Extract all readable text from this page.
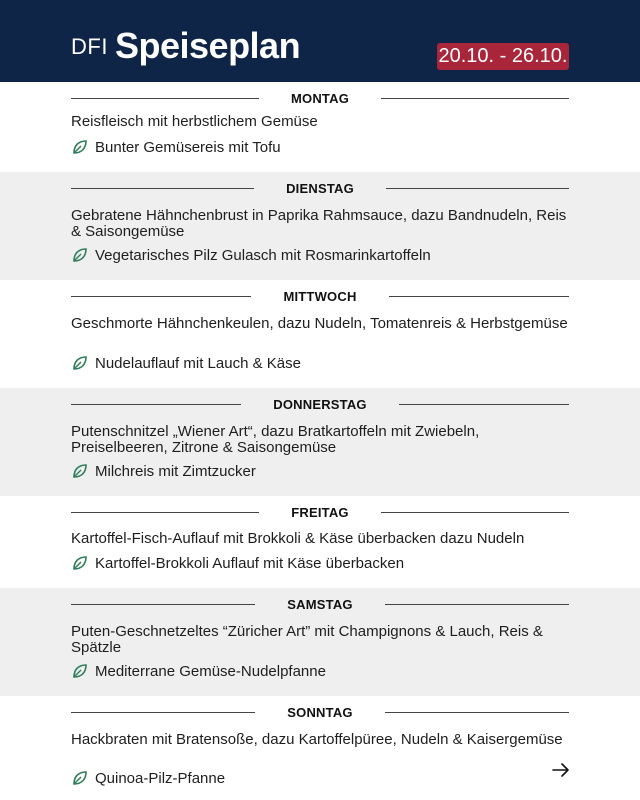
DFI Speiseplan	20.10. - 26.10.
MONTAG
Reisfleisch mit herbstlichem Gemüse
Bunter Gemüsereis mit Tofu
DIENSTAG
Gebratene Hähnchenbrust in Paprika Rahmsauce, dazu Bandnudeln, Reis & Saisongemüse
Vegetarisches Pilz Gulasch mit Rosmarinkartoffeln
MITTWOCH
Geschmorte Hähnchenkeulen, dazu Nudeln, Tomatenreis & Herbstgemüse
Nudelauflauf mit Lauch & Käse
DONNERSTAG
Putenschnitzel „Wiener Art“, dazu Bratkartoffeln mit Zwiebeln, Preiselbeeren, Zitrone & Saisongemüse
Milchreis mit Zimtzucker
FREITAG
Kartoffel-Fisch-Auflauf mit Brokkoli & Käse überbacken dazu Nudeln
Kartoffel-Brokkoli Auflauf mit Käse überbacken
SAMSTAG
Puten-Geschnetzeltes “Züricher Art” mit Champignons & Lauch, Reis & Spätzle
Mediterrane Gemüse-Nudelpfanne
SONNTAG
Hackbraten mit Bratensoße, dazu Kartoffelpüree, Nudeln & Kaisergemüse
Quinoa-Pilz-Pfanne
